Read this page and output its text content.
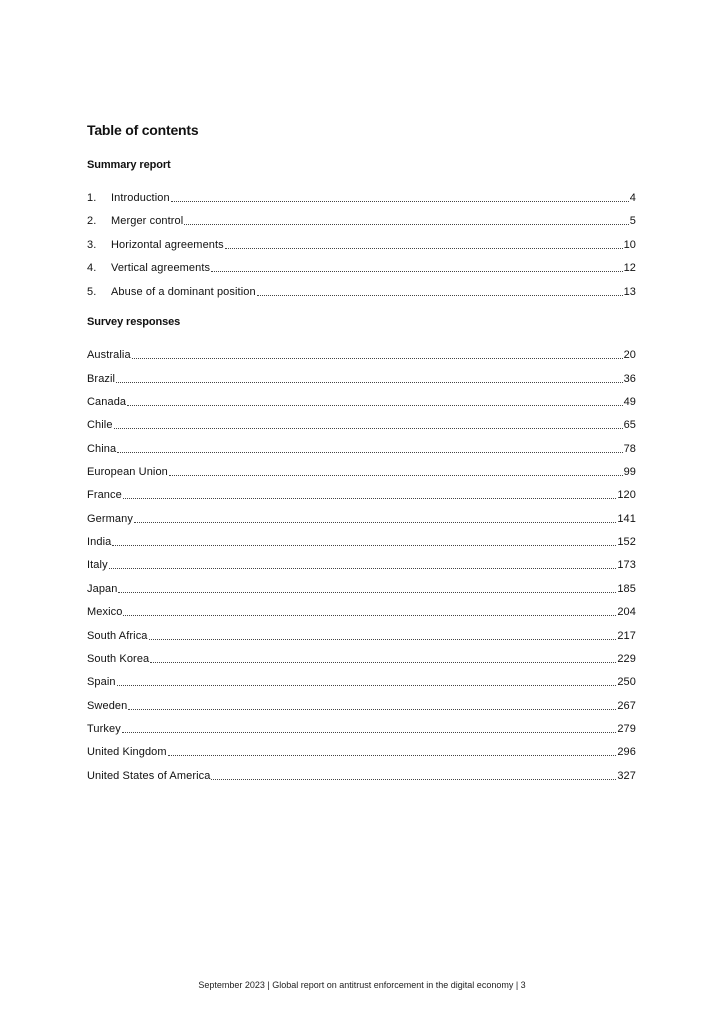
Table of contents
Summary report
1.	Introduction	4
2.	Merger control	5
3.	Horizontal agreements	10
4.	Vertical agreements	12
5.	Abuse of a dominant position	13
Survey responses
Australia	20
Brazil	36
Canada	49
Chile	65
China	78
European Union	99
France	120
Germany	141
India	152
Italy	173
Japan	185
Mexico	204
South Africa	217
South Korea	229
Spain	250
Sweden	267
Turkey	279
United Kingdom	296
United States of America	327
September 2023 | Global report on antitrust enforcement in the digital economy | 3
